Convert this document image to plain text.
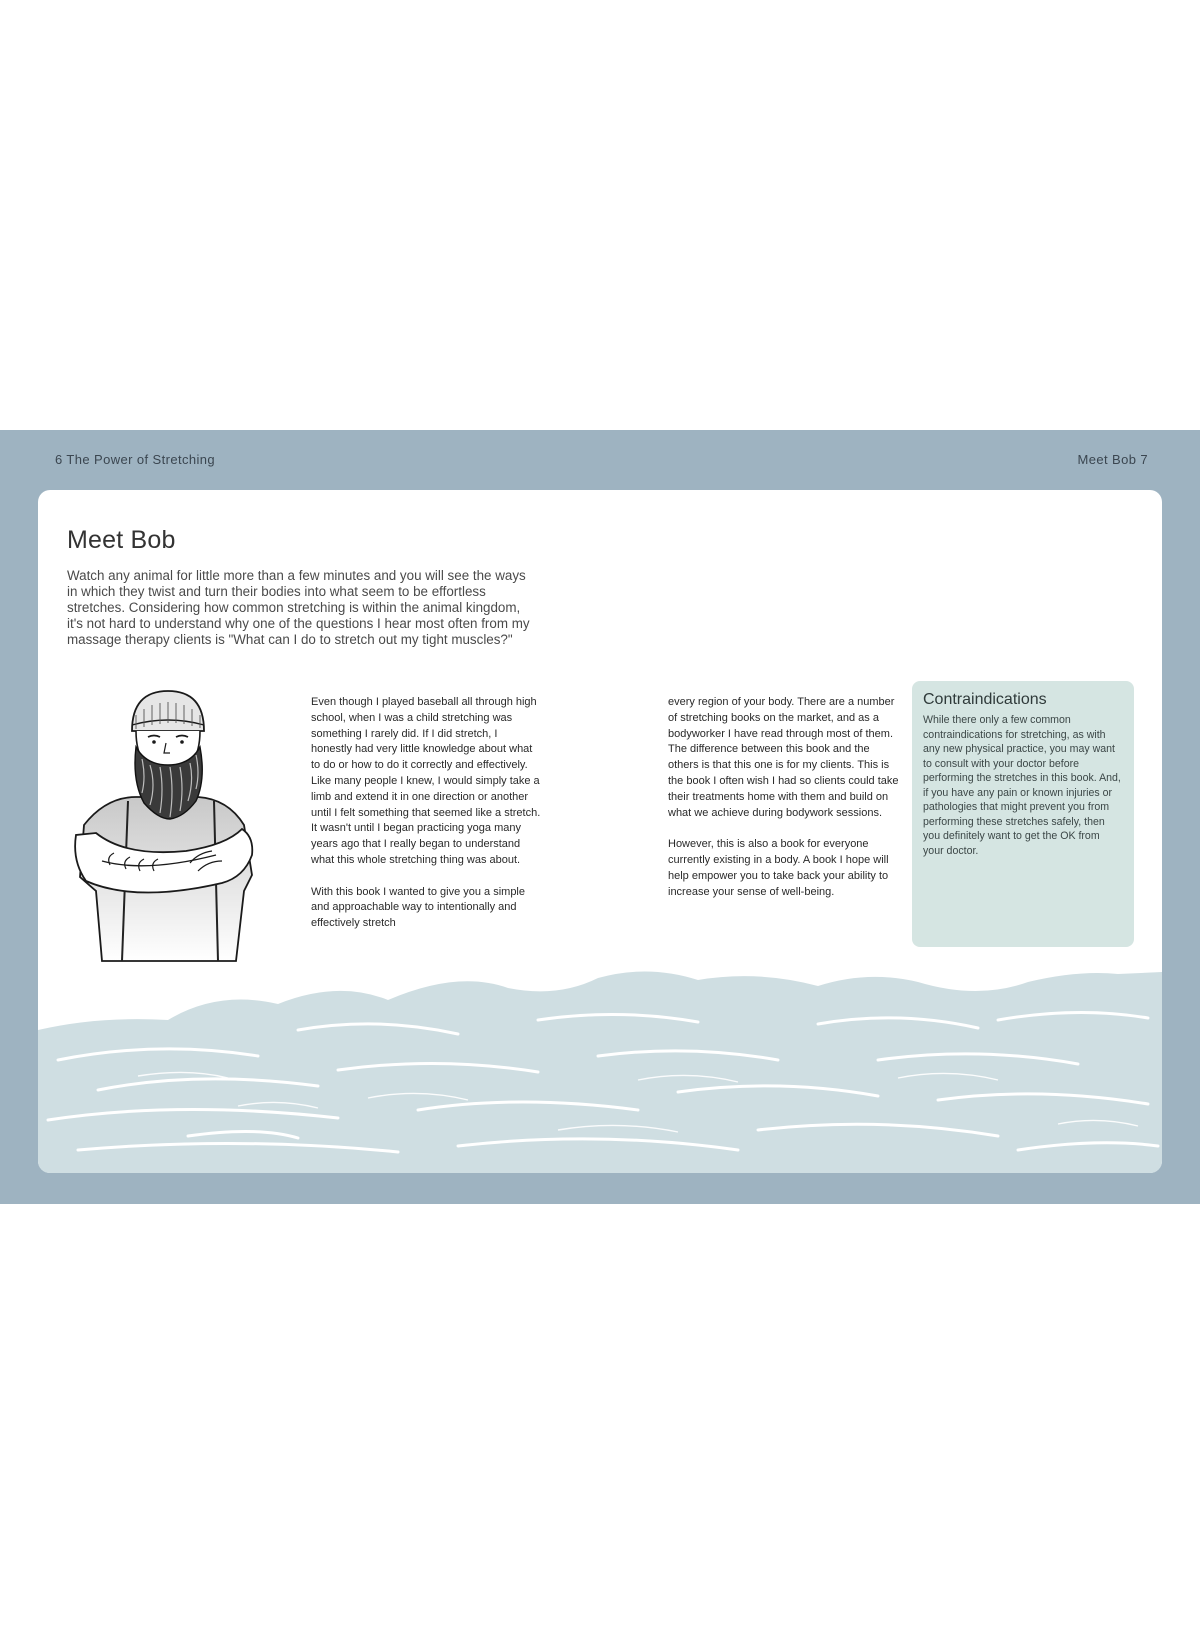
6 The Power of Stretching	Meet Bob 7
Meet Bob

Watch any animal for little more than a few minutes and you will see the ways in which they twist and turn their bodies into what seem to be effortless stretches. Considering how common stretching is within the animal kingdom, it's not hard to understand why one of the questions I hear most often from my massage therapy clients is "What can I do to stretch out my tight muscles?"

Even though I played baseball all through high school, when I was a child stretching was something I rarely did. If I did stretch, I honestly had very little knowledge about what to do or how to do it correctly and effectively. Like many people I knew, I would simply take a limb and extend it in one direction or another until I felt something that seemed like a stretch. It wasn't until I began practicing yoga many years ago that I really began to understand what this whole stretching thing was about.

With this book I wanted to give you a simple and approachable way to intentionally and effectively stretch

every region of your body. There are a number of stretching books on the market, and as a bodyworker I have read through most of them. The difference between this book and the others is that this one is for my clients. This is the book I often wish I had so clients could take their treatments home with them and build on what we achieve during bodywork sessions.

However, this is also a book for everyone currently existing in a body. A book I hope will help empower you to take back your ability to increase your sense of well-being.

Contraindications

While there only a few common contraindications for stretching, as with any new physical practice, you may want to consult with your doctor before performing the stretches in this book. And, if you have any pain or known injuries or pathologies that might prevent you from performing these stretches safely, then you definitely want to get the OK from your doctor.
